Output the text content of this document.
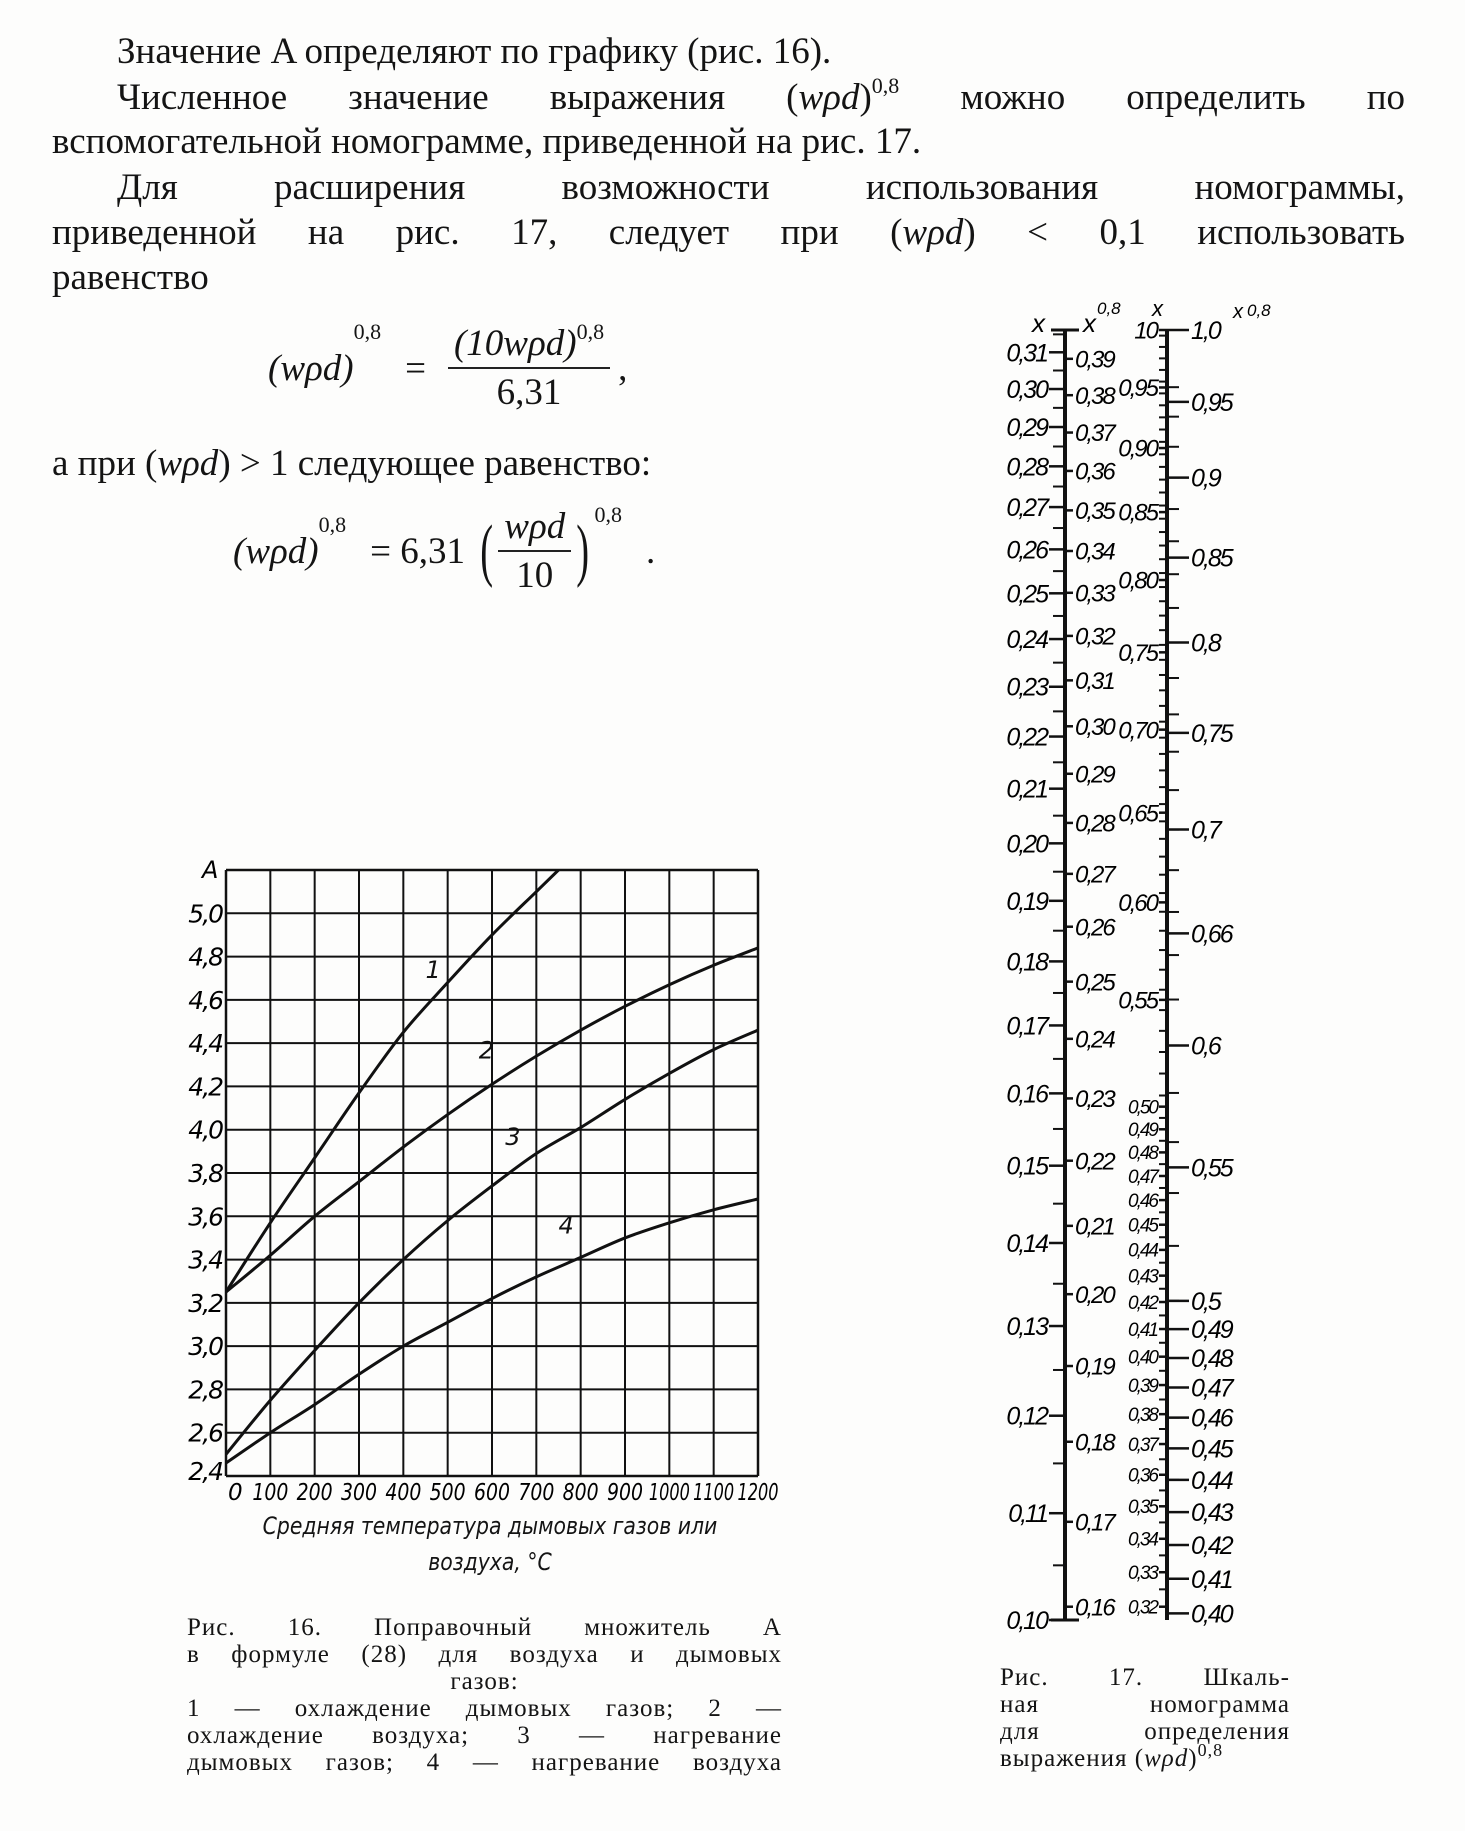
Значение A определяют по графику (рис. 16).
Численное значение выражения $(w\rho d)^{0,8}$ можно определить по
вспомогательной номограмме, приведенной на рис. 17.
Для расширения возможности использования номограммы,
приведенной на рис. 17, следует при (wρd) < 0,1 использовать
равенство
(wρd)
0,8
= $\frac{(10w\rho d)^{0,8}}{6,31}$ ,
а при (wρd) > 1 следующее равенство:
(wρd)
$^{0,8}$
= 6,31 ( $\frac{\text{wρd}}{10} )^{0,8}$
.
2,4
2,6
2,8
3,0
3,2
3,4
3,6
3,8
4,0
4,2
4,4
4,6
4,8
5,0
A
0 100 200 300 400 500 600 700 800 900 1000 1100 1200
1
2
3
4
0,31
0,30
0,29
0,28
0,27
0,26
0,25
0,24
0,23
0,22
0,21
0,20
0,19
0,18
0,17
0,16
0,15
0,14
0,13
0,12
0,11
0,10
0,39
0,38
0,37
0,36
0,35
0,34
0,33
0,32
0,31
0,30
0,29
0,28
0,27
0,26
0,25
0,24
0,23
0,22
0,21
0,20
0,19
0,18
0,17
0,16
10
0,95
0,90
0,85
0,80
0,75
0,70
0,65
0,60
0,55
0,50
0,49
0,48
0,47
0,46
0,45
0,44
0,43
0,42
0,41
0,40
0,39
0,38
0,37
0,36
0,35
0,34
0,33
0,32
1,0
0,95
0,9
0,85
0,8
0,75
0,7
0,66
0,6
0,55
0,5
0,49
0,48
0,47
0,46
0,45
0,44
0,43
0,42
0,41
0,40
x x 0,8 x	x 0,8
Средняя температура дымовых газов или
воздуха, °C
Рис. 16. Поправочный множитель A
в формуле (28) для воздуха и дымовых
газов:
1 — охлаждение дымовых газов; 2 —
охлаждение воздуха; 3 — нагревание
дымовых газов; 4 — нагревание воздуха
Рис. 17. Шкаль-
ная номограмма
для определения
выражения $(w\rho d)^{0,8}$
